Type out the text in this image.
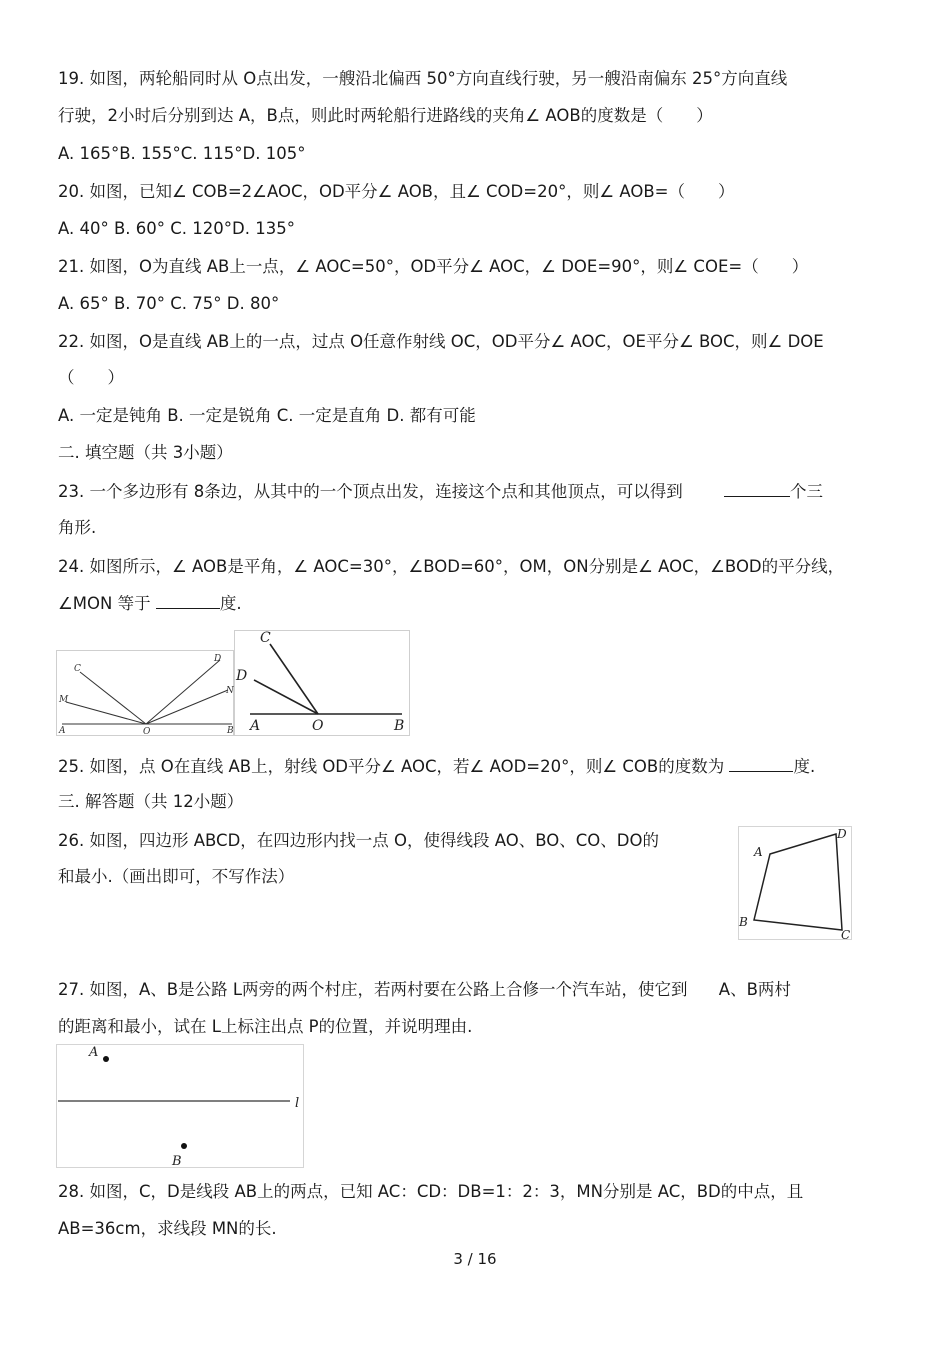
19. 如图，两轮船同时从 O点出发，一艘沿北偏西 50°方向直线行驶，另一艘沿南偏东 25°方向直线
行驶，2小时后分别到达 A，B点，则此时两轮船行进路线的夹角∠ AOB的度数是（　　）
A. 165°B. 155°C. 115°D. 105°
20. 如图，已知∠ COB=2∠AOC，OD平分∠ AOB，且∠ COD=20°，则∠ AOB=（　　）
A. 40° B. 60° C. 120°D. 135°
21. 如图，O为直线 AB上一点，∠ AOC=50°，OD平分∠ AOC，∠ DOE=90°，则∠ COE=（　　）
A. 65° B. 70° C. 75° D. 80°
22. 如图，O是直线 AB上的一点，过点 O任意作射线 OC，OD平分∠ AOC，OE平分∠ BOC，则∠ DOE
（　　）
A. 一定是钝角 B. 一定是锐角 C. 一定是直角 D. 都有可能
二. 填空题（共 3小题）
23. 一个多边形有 8条边，从其中的一个顶点出发，连接这个点和其他顶点，可以得到	个三
角形.
24. 如图所示，∠ AOB是平角，∠ AOC=30°，∠BOD=60°，OM，ON分别是∠ AOC，∠BOD的平分线，
∠MON 等于	度.
C
D
M
N
A	O	B
C
D
A	O	B
25. 如图，点 O在直线 AB上，射线 OD平分∠ AOC，若∠ AOD=20°，则∠ COB的度数为	度.
三. 解答题（共 12小题）
26. 如图，四边形 ABCD，在四边形内找一点 O，使得线段 AO、BO、CO、DO的
和最小.（画出即可，不写作法）
A
D
B
C
27. 如图，A、B是公路 L两旁的两个村庄，若两村要在公路上合修一个汽车站，使它到 A、B两村
的距离和最小，试在 L上标注出点 P的位置，并说明理由.
A
B
l
28. 如图，C，D是线段 AB上的两点，已知 AC：CD：DB=1：2：3，MN分别是 AC，BD的中点，且
AB=36cm，求线段 MN的长.
3 / 16
